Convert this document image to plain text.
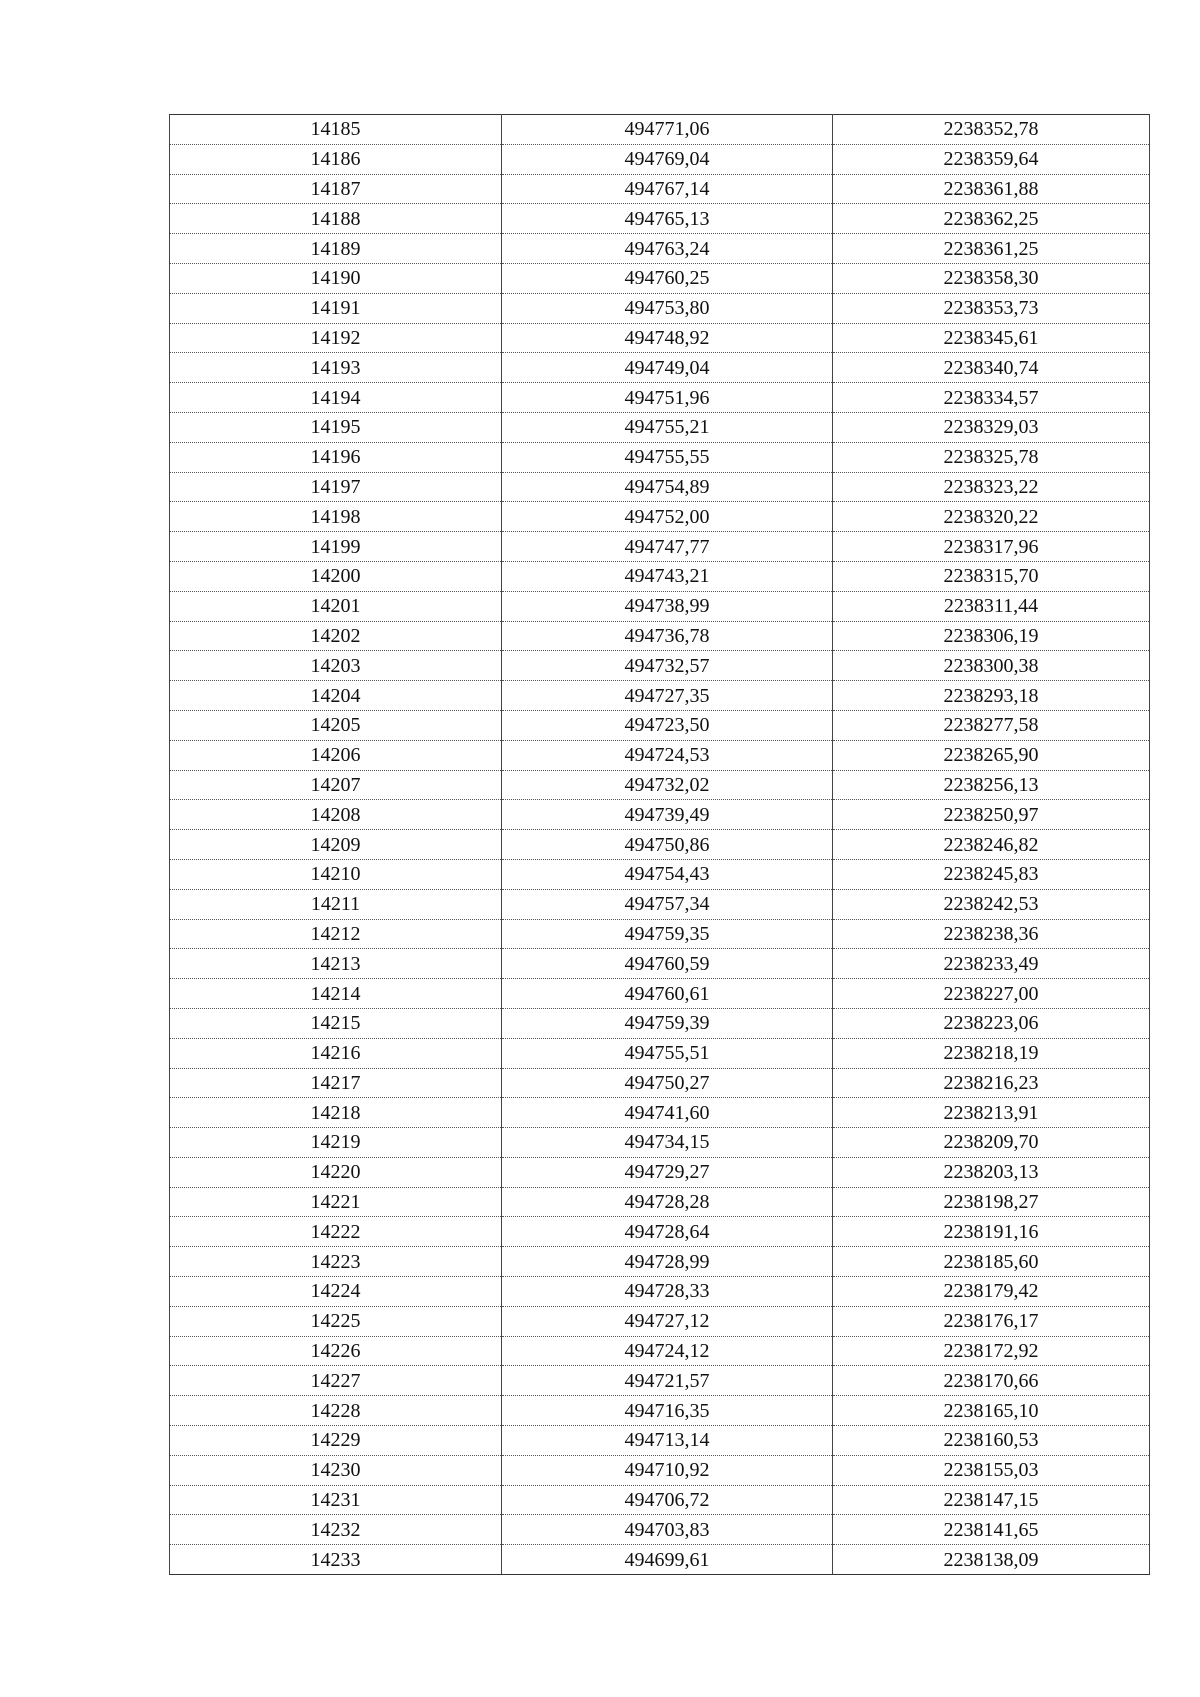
14185	494771,06	2238352,78
14186	494769,04	2238359,64
14187	494767,14	2238361,88
14188	494765,13	2238362,25
14189	494763,24	2238361,25
14190	494760,25	2238358,30
14191	494753,80	2238353,73
14192	494748,92	2238345,61
14193	494749,04	2238340,74
14194	494751,96	2238334,57
14195	494755,21	2238329,03
14196	494755,55	2238325,78
14197	494754,89	2238323,22
14198	494752,00	2238320,22
14199	494747,77	2238317,96
14200	494743,21	2238315,70
14201	494738,99	2238311,44
14202	494736,78	2238306,19
14203	494732,57	2238300,38
14204	494727,35	2238293,18
14205	494723,50	2238277,58
14206	494724,53	2238265,90
14207	494732,02	2238256,13
14208	494739,49	2238250,97
14209	494750,86	2238246,82
14210	494754,43	2238245,83
14211	494757,34	2238242,53
14212	494759,35	2238238,36
14213	494760,59	2238233,49
14214	494760,61	2238227,00
14215	494759,39	2238223,06
14216	494755,51	2238218,19
14217	494750,27	2238216,23
14218	494741,60	2238213,91
14219	494734,15	2238209,70
14220	494729,27	2238203,13
14221	494728,28	2238198,27
14222	494728,64	2238191,16
14223	494728,99	2238185,60
14224	494728,33	2238179,42
14225	494727,12	2238176,17
14226	494724,12	2238172,92
14227	494721,57	2238170,66
14228	494716,35	2238165,10
14229	494713,14	2238160,53
14230	494710,92	2238155,03
14231	494706,72	2238147,15
14232	494703,83	2238141,65
14233	494699,61	2238138,09
